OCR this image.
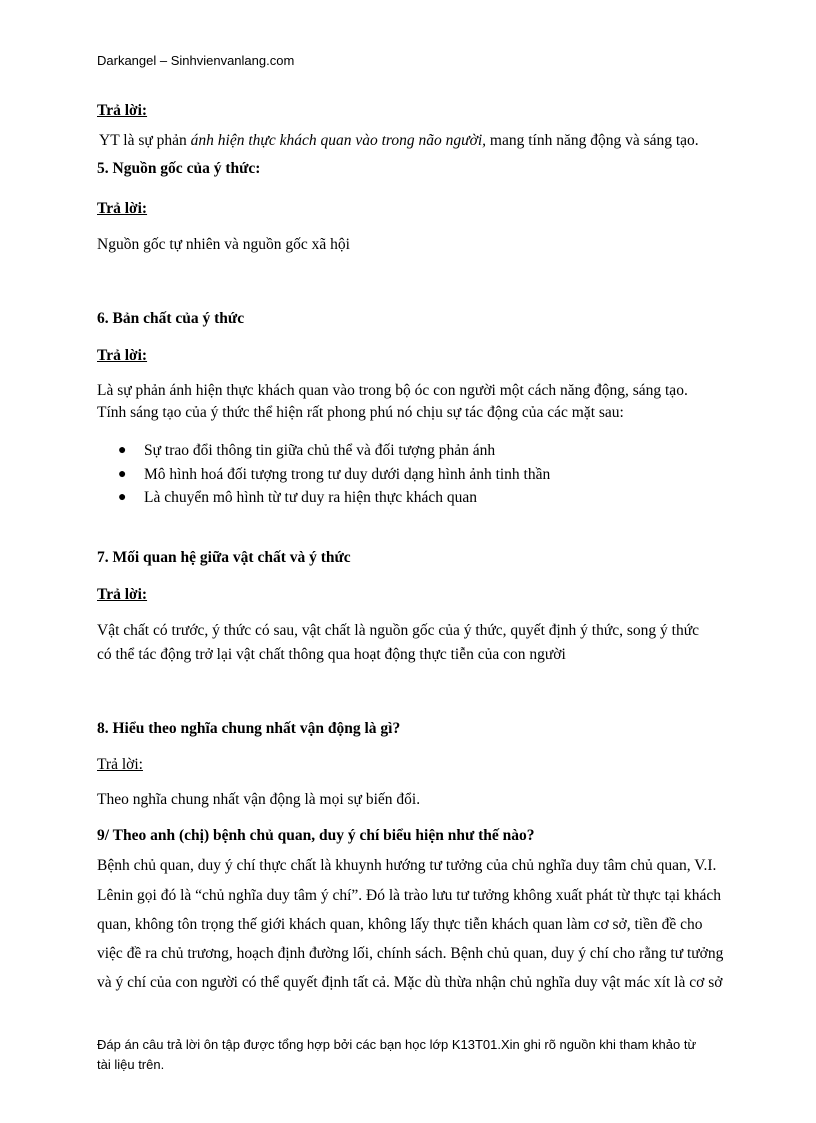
Darkangel – Sinhvienvanlang.com
Trả lời:
YT là sự phản ánh hiện thực khách quan vào trong não người, mang tính năng động và sáng tạo.
5. Nguồn gốc của ý thức:
Trả lời:
Nguồn gốc tự nhiên và nguồn gốc xã hội
6. Bản chất của ý thức
Trả lời:
Là sự phản ánh hiện thực khách quan vào trong bộ óc con người một cách năng động, sáng tạo.
Tính sáng tạo của ý thức thể hiện rất phong phú nó chịu sự tác động của các mặt sau:
● Sự trao đổi thông tin giữa chủ thể và đối tượng phản ánh
● Mô hình hoá đối tượng trong tư duy dưới dạng hình ảnh tinh thần
● Là chuyển mô hình từ tư duy ra hiện thực khách quan
7. Mối quan hệ giữa vật chất và ý thức
Trả lời:
Vật chất có trước, ý thức có sau, vật chất là nguồn gốc của ý thức, quyết định ý thức, song ý thức
có thể tác động trở lại vật chất thông qua hoạt động thực tiễn của con người
8. Hiểu theo nghĩa chung nhất vận động là gì?
Trả lời:
Theo nghĩa chung nhất vận động là mọi sự biến đổi.
9/ Theo anh (chị) bệnh chủ quan, duy ý chí biểu hiện như thế nào?
Bệnh chủ quan, duy ý chí thực chất là khuynh hướng tư tưởng của chủ nghĩa duy tâm chủ quan, V.I.
Lênin gọi đó là “chủ nghĩa duy tâm ý chí”. Đó là trào lưu tư tưởng không xuất phát từ thực tại khách
quan, không tôn trọng thế giới khách quan, không lấy thực tiễn khách quan làm cơ sở, tiền đề cho
việc đề ra chủ trương, hoạch định đường lối, chính sách. Bệnh chủ quan, duy ý chí cho rằng tư tưởng
và ý chí của con người có thể quyết định tất cả. Mặc dù thừa nhận chủ nghĩa duy vật mác xít là cơ sở
Đáp án câu trả lời ôn tập được tổng hợp bởi các bạn học lớp K13T01.Xin ghi rõ nguồn khi tham khảo từ
tài liệu trên.
